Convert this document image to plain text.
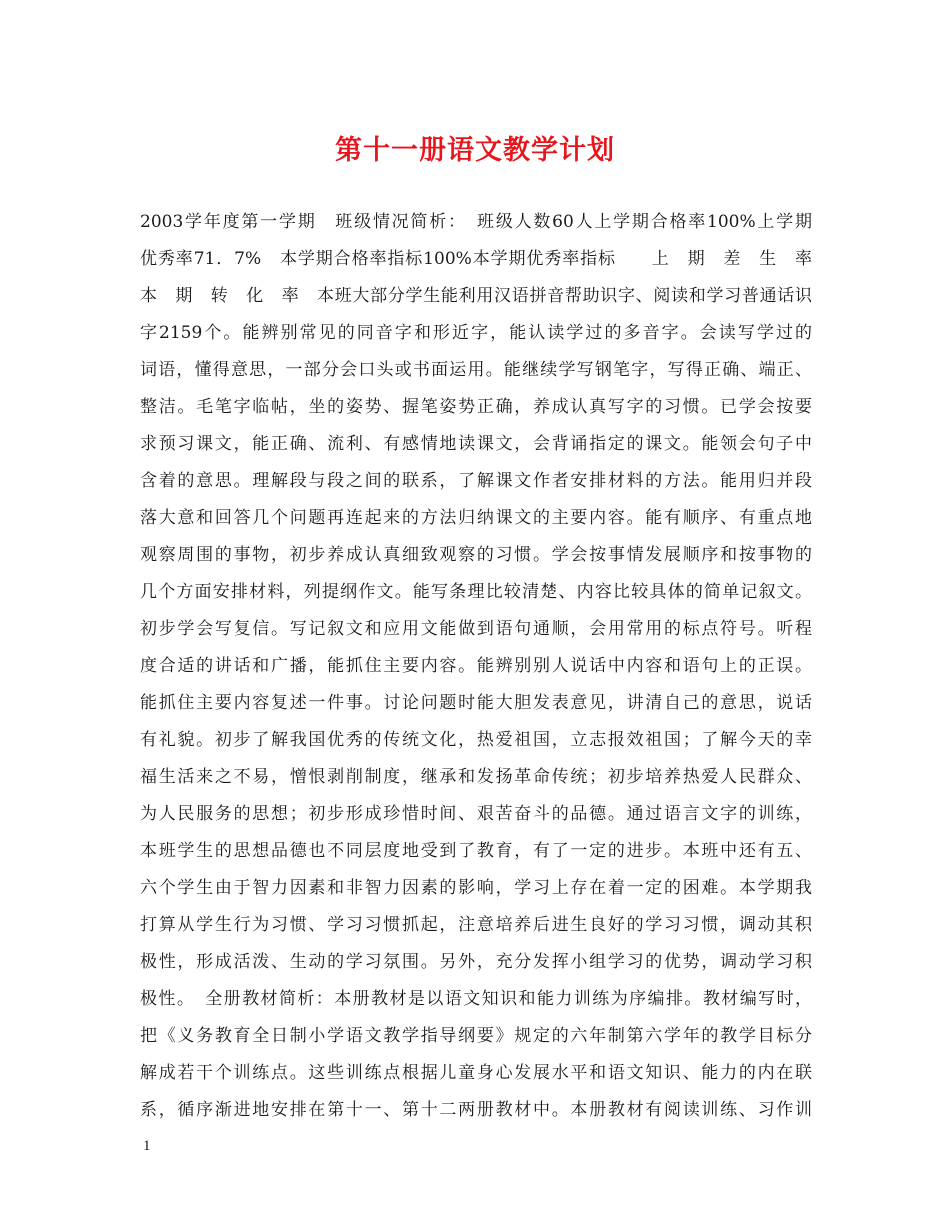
第十一册语文教学计划
2003学年度第一学期　班级情况简析：　班级人数60人上学期合格率100%上学期
优秀率71．7%　本学期合格率指标100%本学期优秀率指标　　上　期　差　生　率
本　期　转　化　率　本班大部分学生能利用汉语拼音帮助识字、阅读和学习普通话识
字2159个。能辨别常见的同音字和形近字，能认读学过的多音字。会读写学过的
词语，懂得意思，一部分会口头或书面运用。能继续学写钢笔字，写得正确、端正、
整洁。毛笔字临帖，坐的姿势、握笔姿势正确，养成认真写字的习惯。已学会按要
求预习课文，能正确、流利、有感情地读课文，会背诵指定的课文。能领会句子中
含着的意思。理解段与段之间的联系，了解课文作者安排材料的方法。能用归并段
落大意和回答几个问题再连起来的方法归纳课文的主要内容。能有顺序、有重点地
观察周围的事物，初步养成认真细致观察的习惯。学会按事情发展顺序和按事物的
几个方面安排材料，列提纲作文。能写条理比较清楚、内容比较具体的简单记叙文。
初步学会写复信。写记叙文和应用文能做到语句通顺，会用常用的标点符号。听程
度合适的讲话和广播，能抓住主要内容。能辨别别人说话中内容和语句上的正误。
能抓住主要内容复述一件事。讨论问题时能大胆发表意见，讲清自己的意思，说话
有礼貌。初步了解我国优秀的传统文化，热爱祖国，立志报效祖国；了解今天的幸
福生活来之不易，憎恨剥削制度，继承和发扬革命传统；初步培养热爱人民群众、
为人民服务的思想；初步形成珍惜时间、艰苦奋斗的品德。通过语言文字的训练，
本班学生的思想品德也不同层度地受到了教育，有了一定的进步。本班中还有五、
六个学生由于智力因素和非智力因素的影响，学习上存在着一定的困难。本学期我
打算从学生行为习惯、学习习惯抓起，注意培养后进生良好的学习习惯，调动其积
极性，形成活泼、生动的学习氛围。另外，充分发挥小组学习的优势，调动学习积
极性。　全册教材简析：本册教材是以语文知识和能力训练为序编排。教材编写时，
把《义务教育全日制小学语文教学指导纲要》规定的六年制第六学年的教学目标分
解成若干个训练点。这些训练点根据儿童身心发展水平和语文知识、能力的内在联
系，循序渐进地安排在第十一、第十二两册教材中。本册教材有阅读训练、习作训
1
